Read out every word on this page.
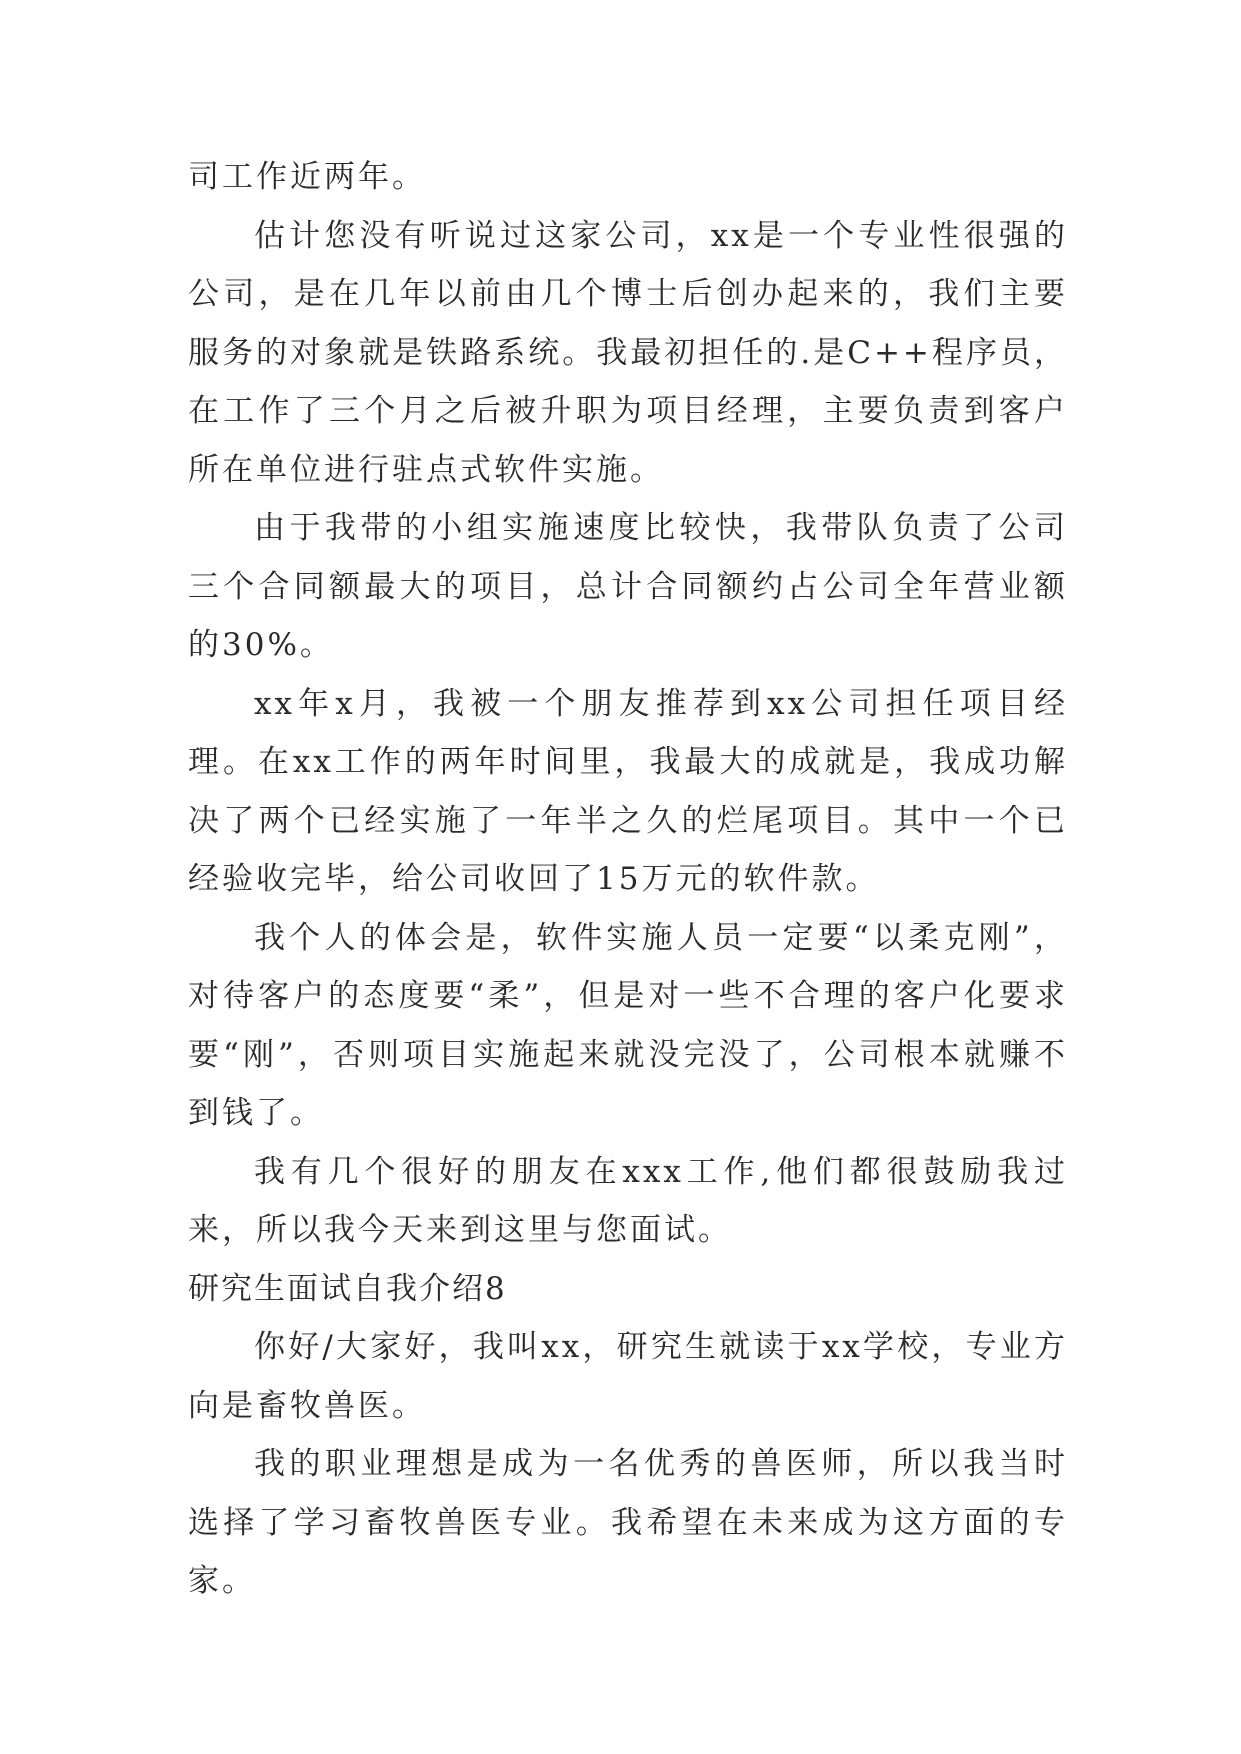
司工作近两年。

估计您没有听说过这家公司，xx是一个专业性很强的公司，是在几年以前由几个博士后创办起来的，我们主要服务的对象就是铁路系统。我最初担任的.是C++程序员，在工作了三个月之后被升职为项目经理，主要负责到客户所在单位进行驻点式软件实施。

由于我带的小组实施速度比较快，我带队负责了公司三个合同额最大的项目，总计合同额约占公司全年营业额的30%。

xx年x月，我被一个朋友推荐到xx公司担任项目经理。在xx工作的两年时间里，我最大的成就是，我成功解决了两个已经实施了一年半之久的烂尾项目。其中一个已经验收完毕，给公司收回了15万元的软件款。

我个人的体会是，软件实施人员一定要“以柔克刚”，对待客户的态度要“柔”，但是对一些不合理的客户化要求要“刚”，否则项目实施起来就没完没了，公司根本就赚不到钱了。

我有几个很好的朋友在xxx工作,他们都很鼓励我过来，所以我今天来到这里与您面试。

研究生面试自我介绍8

你好/大家好，我叫xx，研究生就读于xx学校，专业方向是畜牧兽医。

我的职业理想是成为一名优秀的兽医师，所以我当时选择了学习畜牧兽医专业。我希望在未来成为这方面的专家。
